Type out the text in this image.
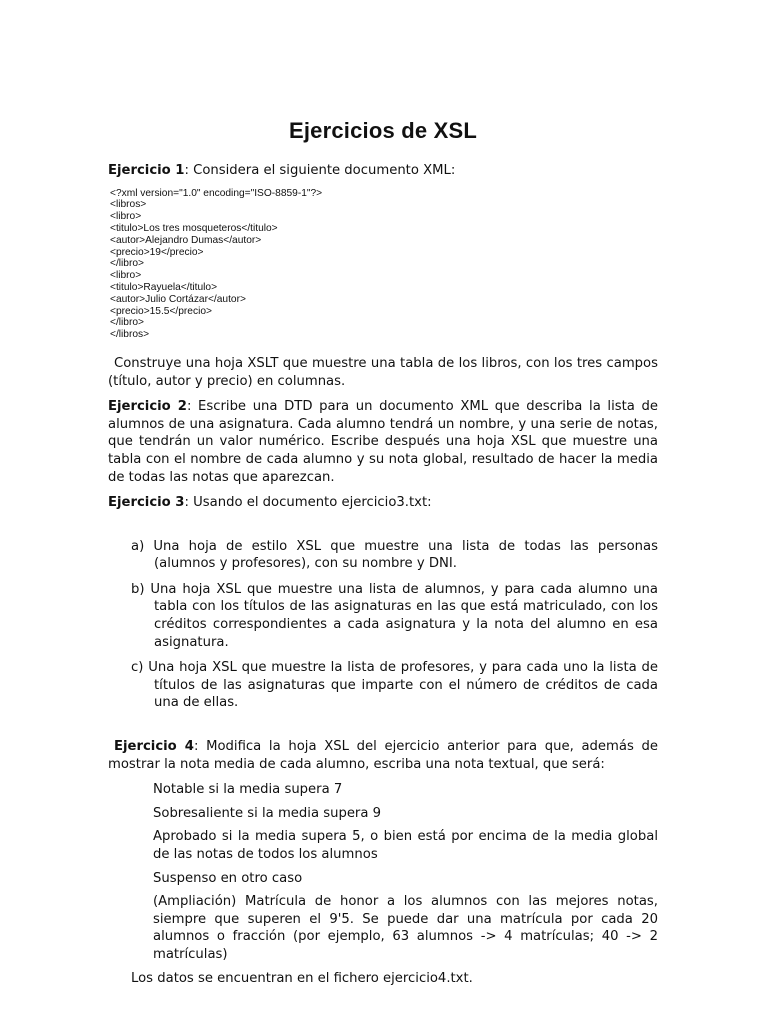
Ejercicios de XSL

Ejercicio 1: Considera el siguiente documento XML:

<?xml version="1.0" encoding="ISO-8859-1"?>
<libros>
<libro>
<titulo>Los tres mosqueteros</titulo>
<autor>Alejandro Dumas</autor>
<precio>19</precio>
</libro>
<libro>
<titulo>Rayuela</titulo>
<autor>Julio Cortázar</autor>
<precio>15.5</precio>
</libro>
</libros>

Construye una hoja XSLT que muestre una tabla de los libros, con los tres campos (título, autor y precio) en columnas.

Ejercicio 2: Escribe una DTD para un documento XML que describa la lista de alumnos de una asignatura. Cada alumno tendrá un nombre, y una serie de notas, que tendrán un valor numérico. Escribe después una hoja XSL que muestre una tabla con el nombre de cada alumno y su nota global, resultado de hacer la media de todas las notas que aparezcan.

Ejercicio 3: Usando el documento ejercicio3.txt:

a) Una hoja de estilo XSL que muestre una lista de todas las personas (alumnos y profesores), con su nombre y DNI.
b) Una hoja XSL que muestre una lista de alumnos, y para cada alumno una tabla con los títulos de las asignaturas en las que está matriculado, con los créditos correspondientes a cada asignatura y la nota del alumno en esa asignatura.
c) Una hoja XSL que muestre la lista de profesores, y para cada uno la lista de títulos de las asignaturas que imparte con el número de créditos de cada una de ellas.

Ejercicio 4: Modifica la hoja XSL del ejercicio anterior para que, además de mostrar la nota media de cada alumno, escriba una nota textual, que será:

Notable si la media supera 7
Sobresaliente si la media supera 9
Aprobado si la media supera 5, o bien está por encima de la media global de las notas de todos los alumnos
Suspenso en otro caso
(Ampliación) Matrícula de honor a los alumnos con las mejores notas, siempre que superen el 9'5. Se puede dar una matrícula por cada 20 alumnos o fracción (por ejemplo, 63 alumnos -> 4 matrículas; 40 -> 2 matrículas)

Los datos se encuentran en el fichero ejercicio4.txt.
